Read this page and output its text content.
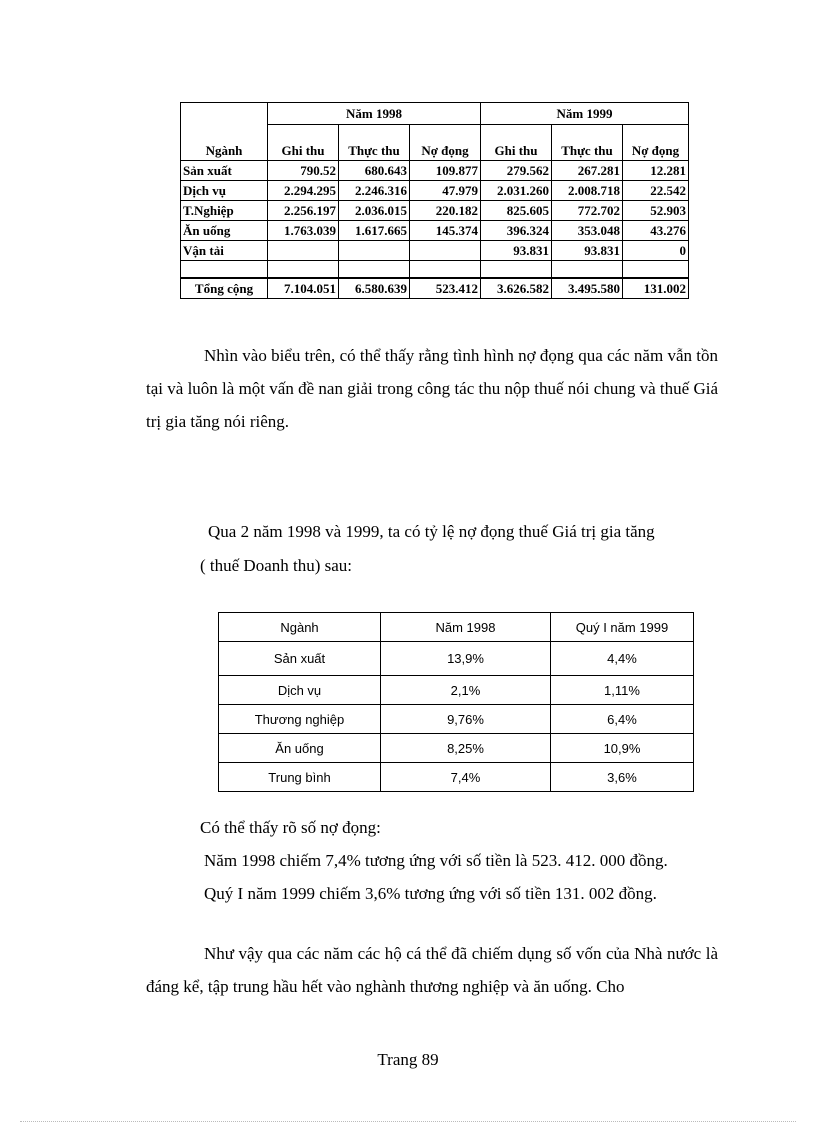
Ngành	Năm 1998			Năm 1999		
	Ghi thu	Thực thu	Nợ đọng	Ghi thu	Thực thu	Nợ đọng
Sản xuất	790.52	680.643	109.877	279.562	267.281	12.281
Dịch vụ	2.294.295	2.246.316	47.979	2.031.260	2.008.718	22.542
T.Nghiệp	2.256.197	2.036.015	220.182	825.605	772.702	52.903
Ăn uống	1.763.039	1.617.665	145.374	396.324	353.048	43.276
Vận tải				93.831	93.831	0

Tổng cộng	7.104.051	6.580.639	523.412	3.626.582	3.495.580	131.002

Nhìn vào biểu trên, có thể thấy rằng tình hình nợ đọng qua các năm vẫn tồn tại và luôn là một vấn đề nan giải trong công tác thu nộp thuế nói chung và thuế Giá trị gia tăng nói riêng.

Qua 2 năm 1998 và 1999, ta có tỷ lệ nợ đọng thuế Giá trị gia tăng

( thuế Doanh thu) sau:

Ngành	Năm 1998	Quý I năm 1999
Sản xuất	13,9%	4,4%
Dịch vụ	2,1%	1,11%
Thương nghiệp	9,76%	6,4%
Ăn uống	8,25%	10,9%
Trung bình	7,4%	3,6%

Có thể thấy rõ số nợ đọng:

Năm 1998 chiếm 7,4% tương ứng với số tiền là 523. 412. 000 đồng.

Quý I năm 1999 chiếm 3,6% tương ứng với số tiền 131. 002 đồng.

Như vậy qua các năm các hộ cá thể đã chiếm dụng số vốn của Nhà nước là đáng kể, tập trung hầu hết vào nghành thương nghiệp và ăn uống. Cho

Trang 89
